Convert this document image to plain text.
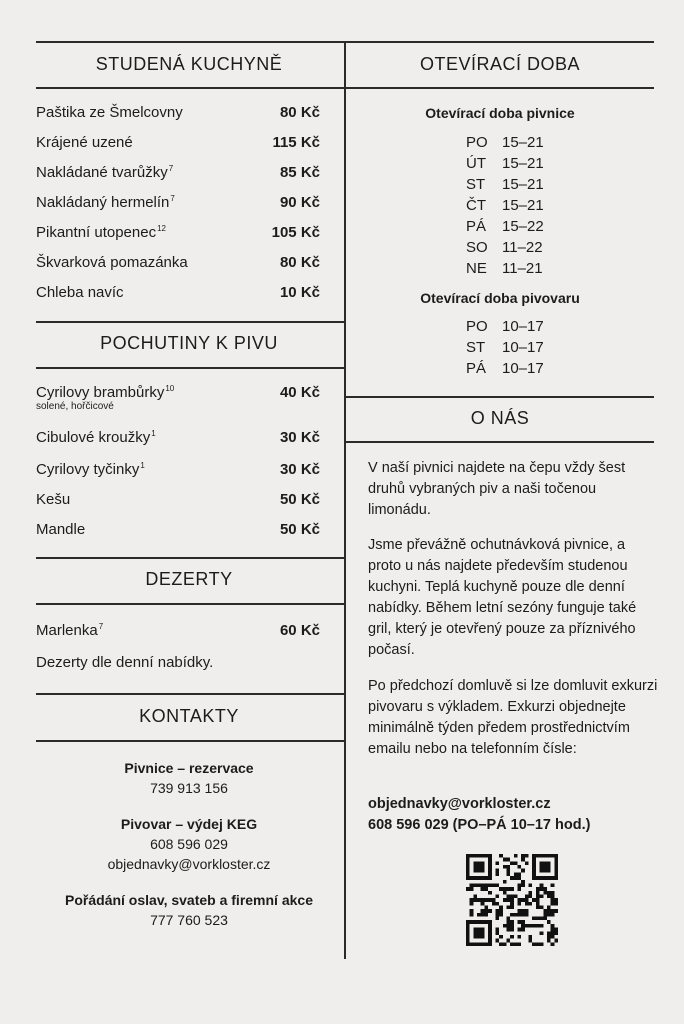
STUDENÁ KUCHYNĚ
Paštika ze Šmelcovny	80 Kč
Krájené uzené	115 Kč
Nakládané tvarůžky$^7$	85 Kč
Nakládaný hermelín$^7$	90 Kč
Pikantní utopenec$^{12}$	105 Kč
Škvarková pomazánka	80 Kč
Chleba navíc	10 Kč
POCHUTINY K PIVU
Cyrilovy brambůrky$^{10}$	40 Kč
solené, hořčicové
Cibulové kroužky$^1$	30 Kč
Cyrilovy tyčinky$^1$	30 Kč
Kešu	50 Kč
Mandle	50 Kč
DEZERTY
Marlenka$^7$	60 Kč
Dezerty dle denní nabídky.
KONTAKTY
Pivnice – rezervace
739 913 156
Pivovar – výdej KEG
608 596 029
objednavky@vorkloster.cz
Pořádání oslav, svateb a firemní akce
777 760 523
OTEVÍRACÍ DOBA
Otevírací doba pivnice
PO 15–21
ÚT 15–21
ST 15–21
ČT 15–21
PÁ 15–22
SO 11–22
NE 11–21
Otevírací doba pivovaru
PO 10–17
ST 10–17
PÁ 10–17
O NÁS
V naší pivnici najdete na čepu vždy šest druhů vybraných piv a naši točenou limonádu.
Jsme převážně ochutnávková pivnice, a proto u nás najdete především studenou kuchyni. Teplá kuchyně pouze dle denní nabídky. Během letní sezóny funguje také gril, který je otevřený pouze za příznivého počasí.
Po předchozí domluvě si lze domluvit exkurzi pivovaru s výkladem. Exkurzi objednejte minimálně týden předem prostřednictvím emailu nebo na telefonním čísle:
objednavky@vorkloster.cz
608 596 029 (PO–PÁ 10–17 hod.)
